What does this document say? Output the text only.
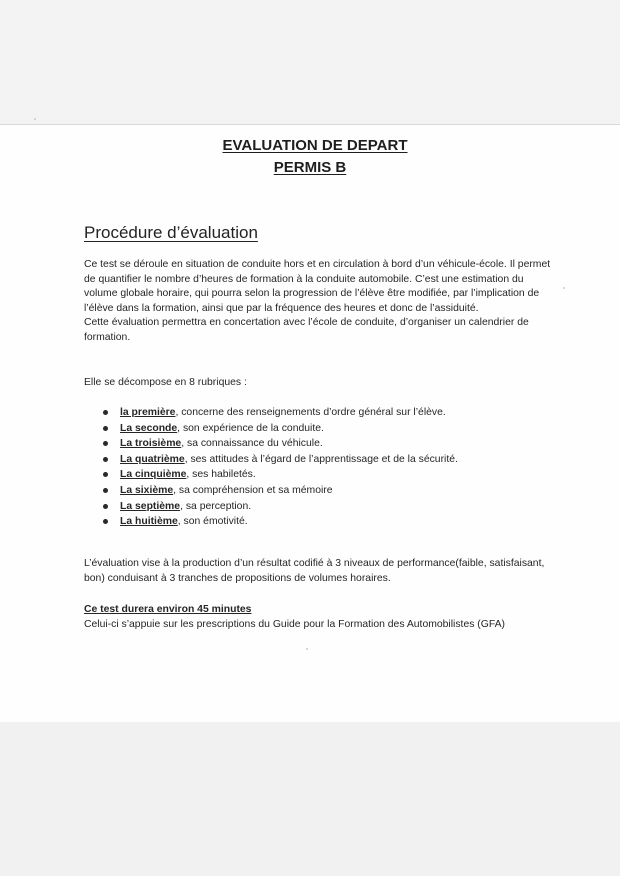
EVALUATION DE DEPART
PERMIS B
Procédure d’évaluation

Ce test se déroule en situation de conduite hors et en circulation à bord d’un véhicule-école. Il permet de quantifier le nombre d’heures de formation à la conduite automobile. C’est une estimation du volume globale horaire, qui pourra selon la progression de l’élève être modifiée, par l’implication de l’élève dans la formation, ainsi que par la fréquence des heures et donc de l’assiduité.

Cette évaluation permettra en concertation avec l’école de conduite, d’organiser un calendrier de formation.

Elle se décompose en 8 rubriques :
la première, concerne des renseignements d’ordre général sur l’élève.
La seconde, son expérience de la conduite.
La troisième, sa connaissance du véhicule.
La quatrième, ses attitudes à l’égard de l’apprentissage et de la sécurité.
La cinquième, ses habiletés.
La sixième, sa compréhension et sa mémoire
La septième, sa perception.
La huitième, son émotivité.
L’évaluation vise à la production d’un résultat codifié à 3 niveaux de performance(faible, satisfaisant, bon) conduisant à 3 tranches de propositions de volumes horaires.
Ce test durera environ 45 minutes
Celui-ci s’appuie sur les prescriptions du Guide pour la Formation des Automobilistes (GFA)
